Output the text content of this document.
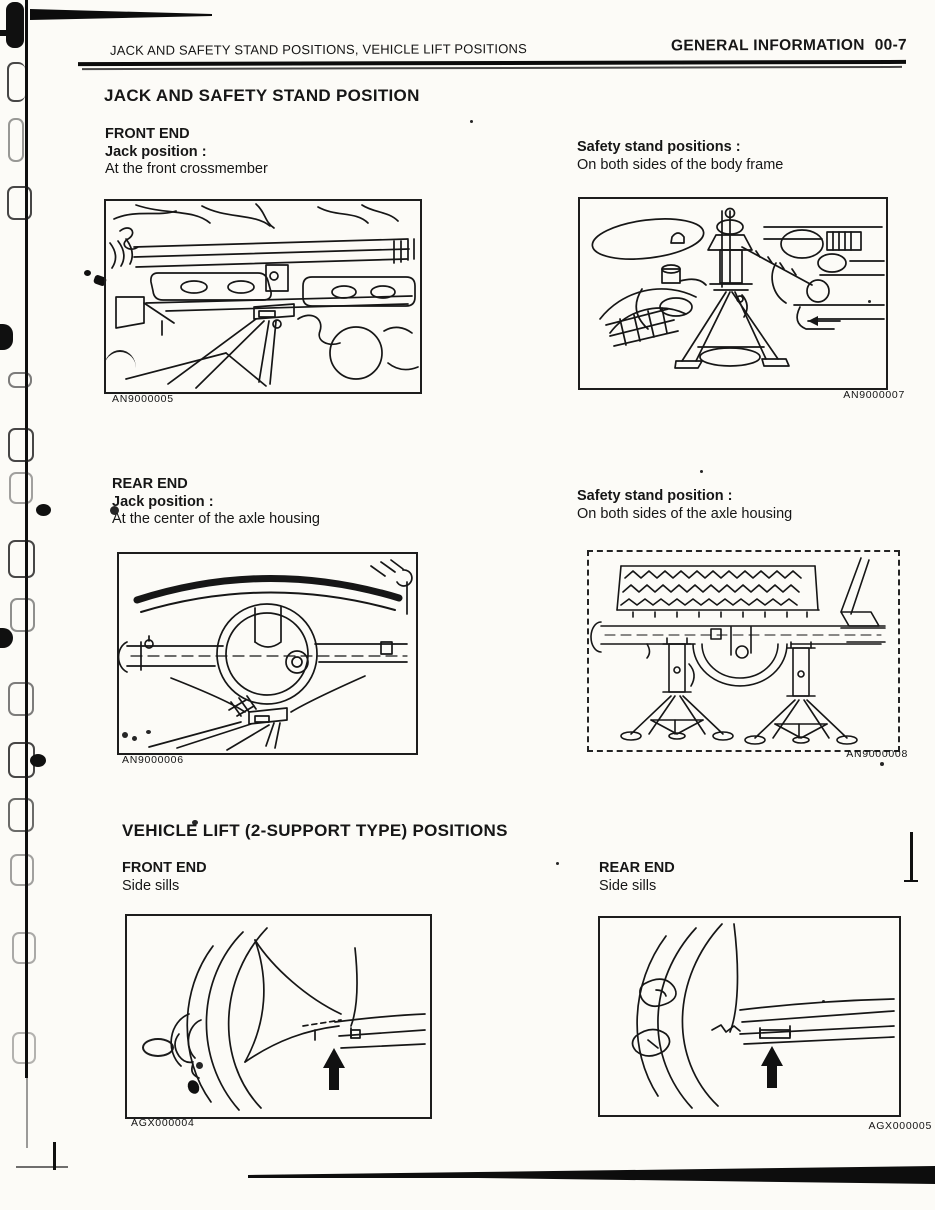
JACK AND SAFETY STAND POSITIONS, VEHICLE LIFT POSITIONS	GENERAL INFORMATION 00-7
JACK AND SAFETY STAND POSITION
FRONT END
Jack position :
At the front crossmember
Safety stand positions :
On both sides of the body frame
AN9000005	AN9000007
REAR END
Jack position :
At the center of the axle housing
Safety stand position :
On both sides of the axle housing
AN9000006	AN9000008
VEHICLE LIFT (2-SUPPORT TYPE) POSITIONS
FRONT END
Side sills
REAR END
Side sills
AGX000004	AGX000005
